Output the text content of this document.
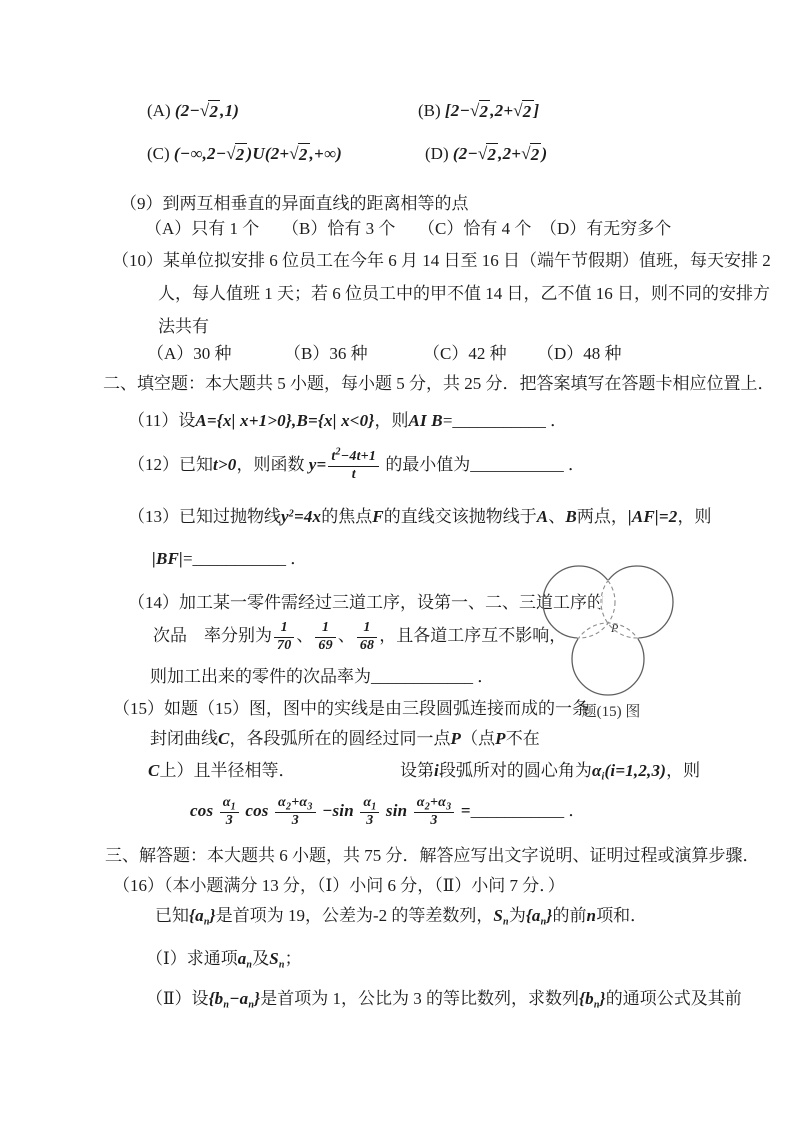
(A) (2− √ 2 ,1)	(B) [2− √ 2 ,2+ √ 2 ]
(C) (−∞,2− √ 2 )U(2+ √ 2 ,+∞)	(D) (2− √ 2 ,2+ √ 2 )
（9）到两互相垂直的异面直线的距离相等的点
（A）只有 1 个 （B）恰有 3 个 （C）恰有 4 个 （D）有无穷多个
（10）某单位拟安排 6 位员工在今年 6 月 14 日至 16 日（端午节假期）值班，每天安排 2
人，每人值班 1 天；若 6 位员工中的甲不值 14 日，乙不值 16 日，则不同的安排方
法共有
（A）30 种	（B）36 种	（C）42 种 （D）48 种
二、填空题：本大题共 5 小题，每小题 5 分，共 25 分．把答案填写在答题卡相应位置上．
（11）设A={x| x+1>0},B={x| x<0}，则AI B=___________ ．
（12）已知t>0，则函数 $y= \frac{t^2-4t+1}{t}$ 的最小值为___________ ．
（13）已知过抛物线$y^2=4x$的焦点F的直线交该抛物线于A、B两点，|AF|=2，则
|BF|=___________ ．
（14）加工某一零件需经过三道工序，设第一、二、三道工序的
次品　率分别为 $\frac{1}{70}$ 、 $\frac{1}{69}$ 、 $\frac{1}{68}$ ，且各道工序互不影响，
则加工出来的零件的次品率为____________ ．
P
题(15) 图
（15）如题（15）图，图中的实线是由三段圆弧连接而成的一条
封闭曲线C，各段弧所在的圆经过同一点P（点P不在
C上）且半径相等．	设第i段弧所对的圆心角为$\alpha_i(i=1,2,3)$，则
$\cos \frac{\alpha_1}{3}$ $\cos \frac{\alpha_2+\alpha_3}{3} -\sin \frac{\alpha_1}{3}$ $\sin \frac{\alpha_2+\alpha_3}{3}$ =___________ ．
三、解答题：本大题共 6 小题，共 75 分．解答应写出文字说明、证明过程或演算步骤．
（16）（本小题满分 13 分，（Ⅰ）小问 6 分，（Ⅱ）小问 7 分．）
已知$\{a_n\}$是首项为 19，公差为-2 的等差数列，$S_n$为$\{a_n\}$的前n项和．
（Ⅰ）求通项$a_n$及$S_n$；
（Ⅱ）设$\{b_n-a_n\}$是首项为 1，公比为 3 的等比数列，求数列$\{b_n\}$的通项公式及其前
